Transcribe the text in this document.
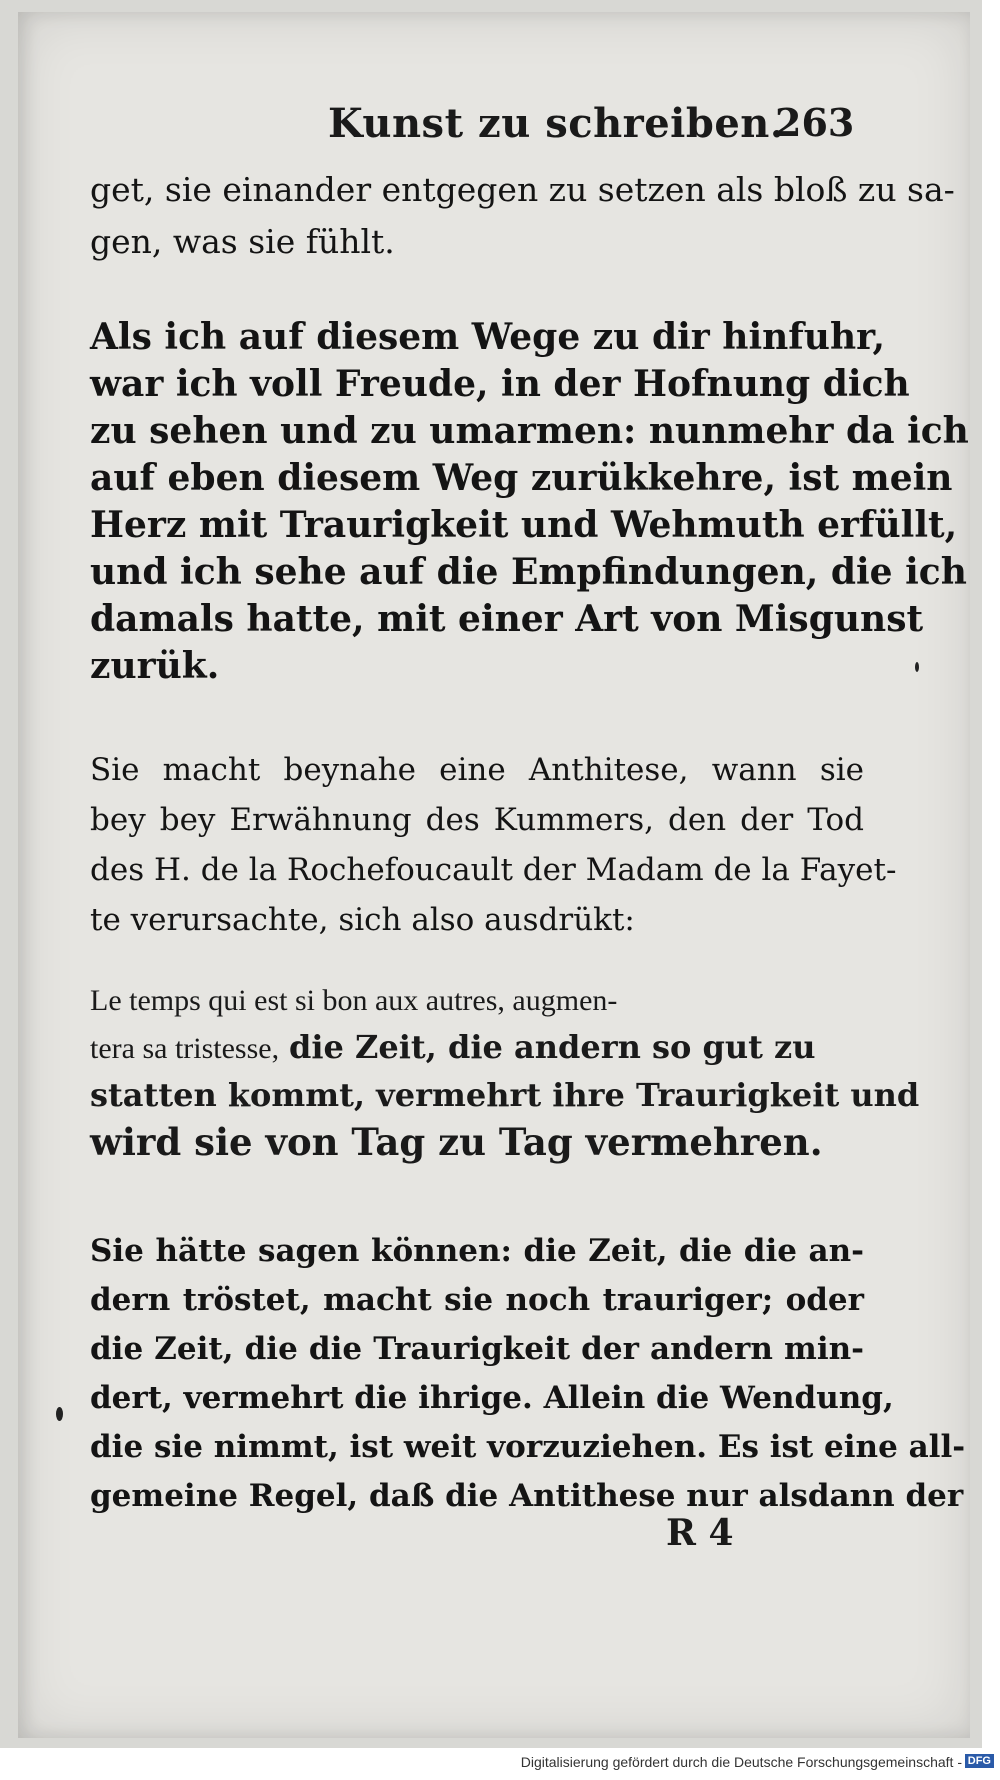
Kunst zu schreiben.
263
get, sie einander entgegen zu setzen als bloß zu sa-
gen, was sie fühlt.
Als ich auf diesem Wege zu dir hinfuhr,
war ich voll Freude, in der Hofnung dich
zu sehen und zu umarmen: nunmehr da ich
auf eben diesem Weg zurükkehre, ist mein
Herz mit Traurigkeit und Wehmuth erfüllt,
und ich sehe auf die Empfindungen, die ich
damals hatte, mit einer Art von Misgunst
zurük.
Sie macht beynahe eine Anthitese, wann sie
bey bey Erwähnung des Kummers, den der Tod
des H. de la Rochefoucault der Madam de la Fayet-
te verursachte, sich also ausdrükt:
Le temps qui est si bon aux autres, augmen-
tera sa tristesse, die Zeit, die andern so gut zu
statten kommt, vermehrt ihre Traurigkeit und
wird sie von Tag zu Tag vermehren.
Sie hätte sagen können: die Zeit, die die an-
dern tröstet, macht sie noch trauriger; oder
die Zeit, die die Traurigkeit der andern min-
dert, vermehrt die ihrige. Allein die Wendung,
die sie nimmt, ist weit vorzuziehen. Es ist eine all-
gemeine Regel, daß die Antithese nur alsdann der
R 4
Digitalisierung gefördert durch die Deutsche Forschungsgemeinschaft - DFG
